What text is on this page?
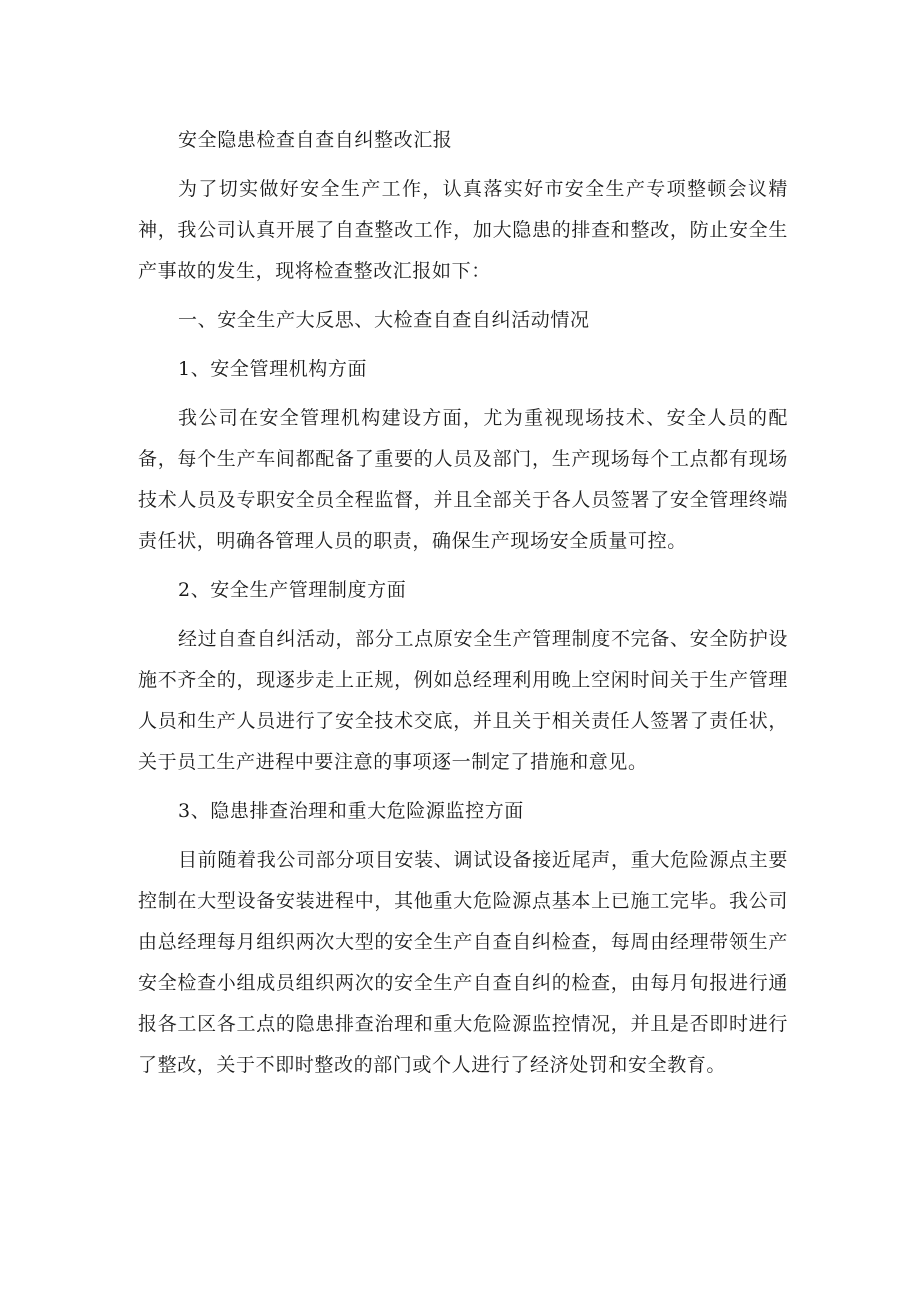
安全隐患检查自查自纠整改汇报

为了切实做好安全生产工作，认真落实好市安全生产专项整顿会议精神，我公司认真开展了自查整改工作，加大隐患的排查和整改，防止安全生产事故的发生，现将检查整改汇报如下：

一、安全生产大反思、大检查自查自纠活动情况

1、安全管理机构方面

我公司在安全管理机构建设方面，尤为重视现场技术、安全人员的配备，每个生产车间都配备了重要的人员及部门，生产现场每个工点都有现场技术人员及专职安全员全程监督，并且全部关于各人员签署了安全管理终端责任状，明确各管理人员的职责，确保生产现场安全质量可控。

2、安全生产管理制度方面

经过自查自纠活动，部分工点原安全生产管理制度不完备、安全防护设施不齐全的，现逐步走上正规，例如总经理利用晚上空闲时间关于生产管理人员和生产人员进行了安全技术交底，并且关于相关责任人签署了责任状，关于员工生产进程中要注意的事项逐一制定了措施和意见。

3、隐患排查治理和重大危险源监控方面

目前随着我公司部分项目安装、调试设备接近尾声，重大危险源点主要控制在大型设备安装进程中，其他重大危险源点基本上已施工完毕。我公司由总经理每月组织两次大型的安全生产自查自纠检查，每周由经理带领生产安全检查小组成员组织两次的安全生产自查自纠的检查，由每月旬报进行通报各工区各工点的隐患排查治理和重大危险源监控情况，并且是否即时进行了整改，关于不即时整改的部门或个人进行了经济处罚和安全教育。
